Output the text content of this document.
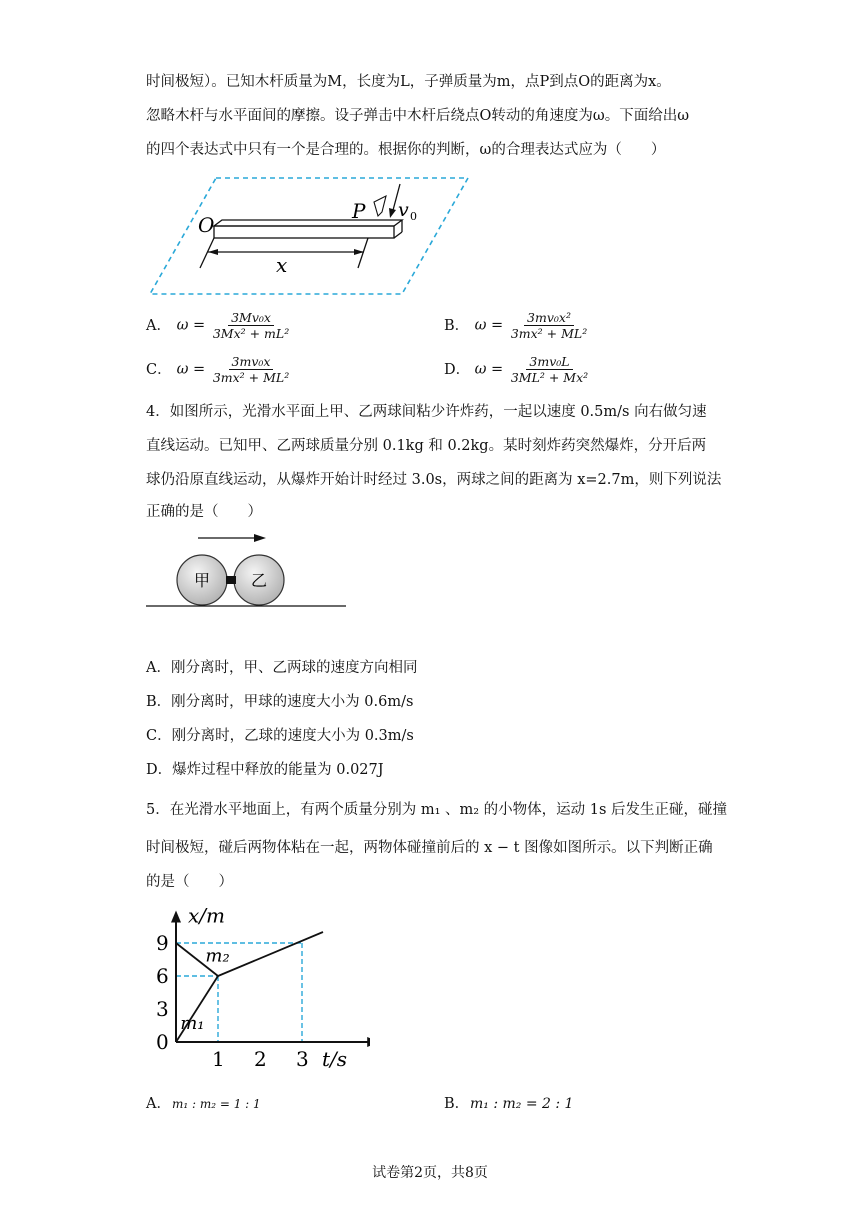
时间极短）。已知木杆质量为M，长度为L，子弹质量为m，点P到点O的距离为x。
忽略木杆与水平面间的摩擦。设子弹击中木杆后绕点O转动的角速度为ω。下面给出ω
的四个表达式中只有一个是合理的。根据你的判断，ω的合理表达式应为（　　）
O
P v 0
x
A． $\omega = \frac{\text{3Mv₀x}}{\text{3Mx² + mL²}}$	B． $\omega = \frac{\text{3mv₀x²}}{\text{3mx² + ML²}}$
C． $\omega = \frac{\text{3mv₀x}}{\text{3mx² + ML²}}$	D． $\omega = \frac{\text{3mv₀L}}{\text{3ML² + Mx²}}$
4．如图所示，光滑水平面上甲、乙两球间粘少许炸药，一起以速度 0.5m/s 向右做匀速
直线运动。已知甲、乙两球质量分别 0.1kg 和 0.2kg。某时刻炸药突然爆炸，分开后两
球仍沿原直线运动，从爆炸开始计时经过 3.0s，两球之间的距离为 x=2.7m，则下列说法
正确的是（　　）
甲	乙
A．刚分离时，甲、乙两球的速度方向相同
B．刚分离时，甲球的速度大小为 0.6m/s
C．刚分离时，乙球的速度大小为 0.3m/s
D．爆炸过程中释放的能量为 0.027J
5．在光滑水平地面上，有两个质量分别为 m₁ 、m₂ 的小物体，运动 1s 后发生正碰，碰撞
时间极短，碰后两物体粘在一起，两物体碰撞前后的 x − t 图像如图所示。以下判断正确
的是（　　）
1 2 3
0
3
6
9
x/m
t/s
m₁
m₂
A．m₁ : m₂ = 1 : 1	B．m₁ : m₂ = 2 : 1
试卷第2页，共8页
